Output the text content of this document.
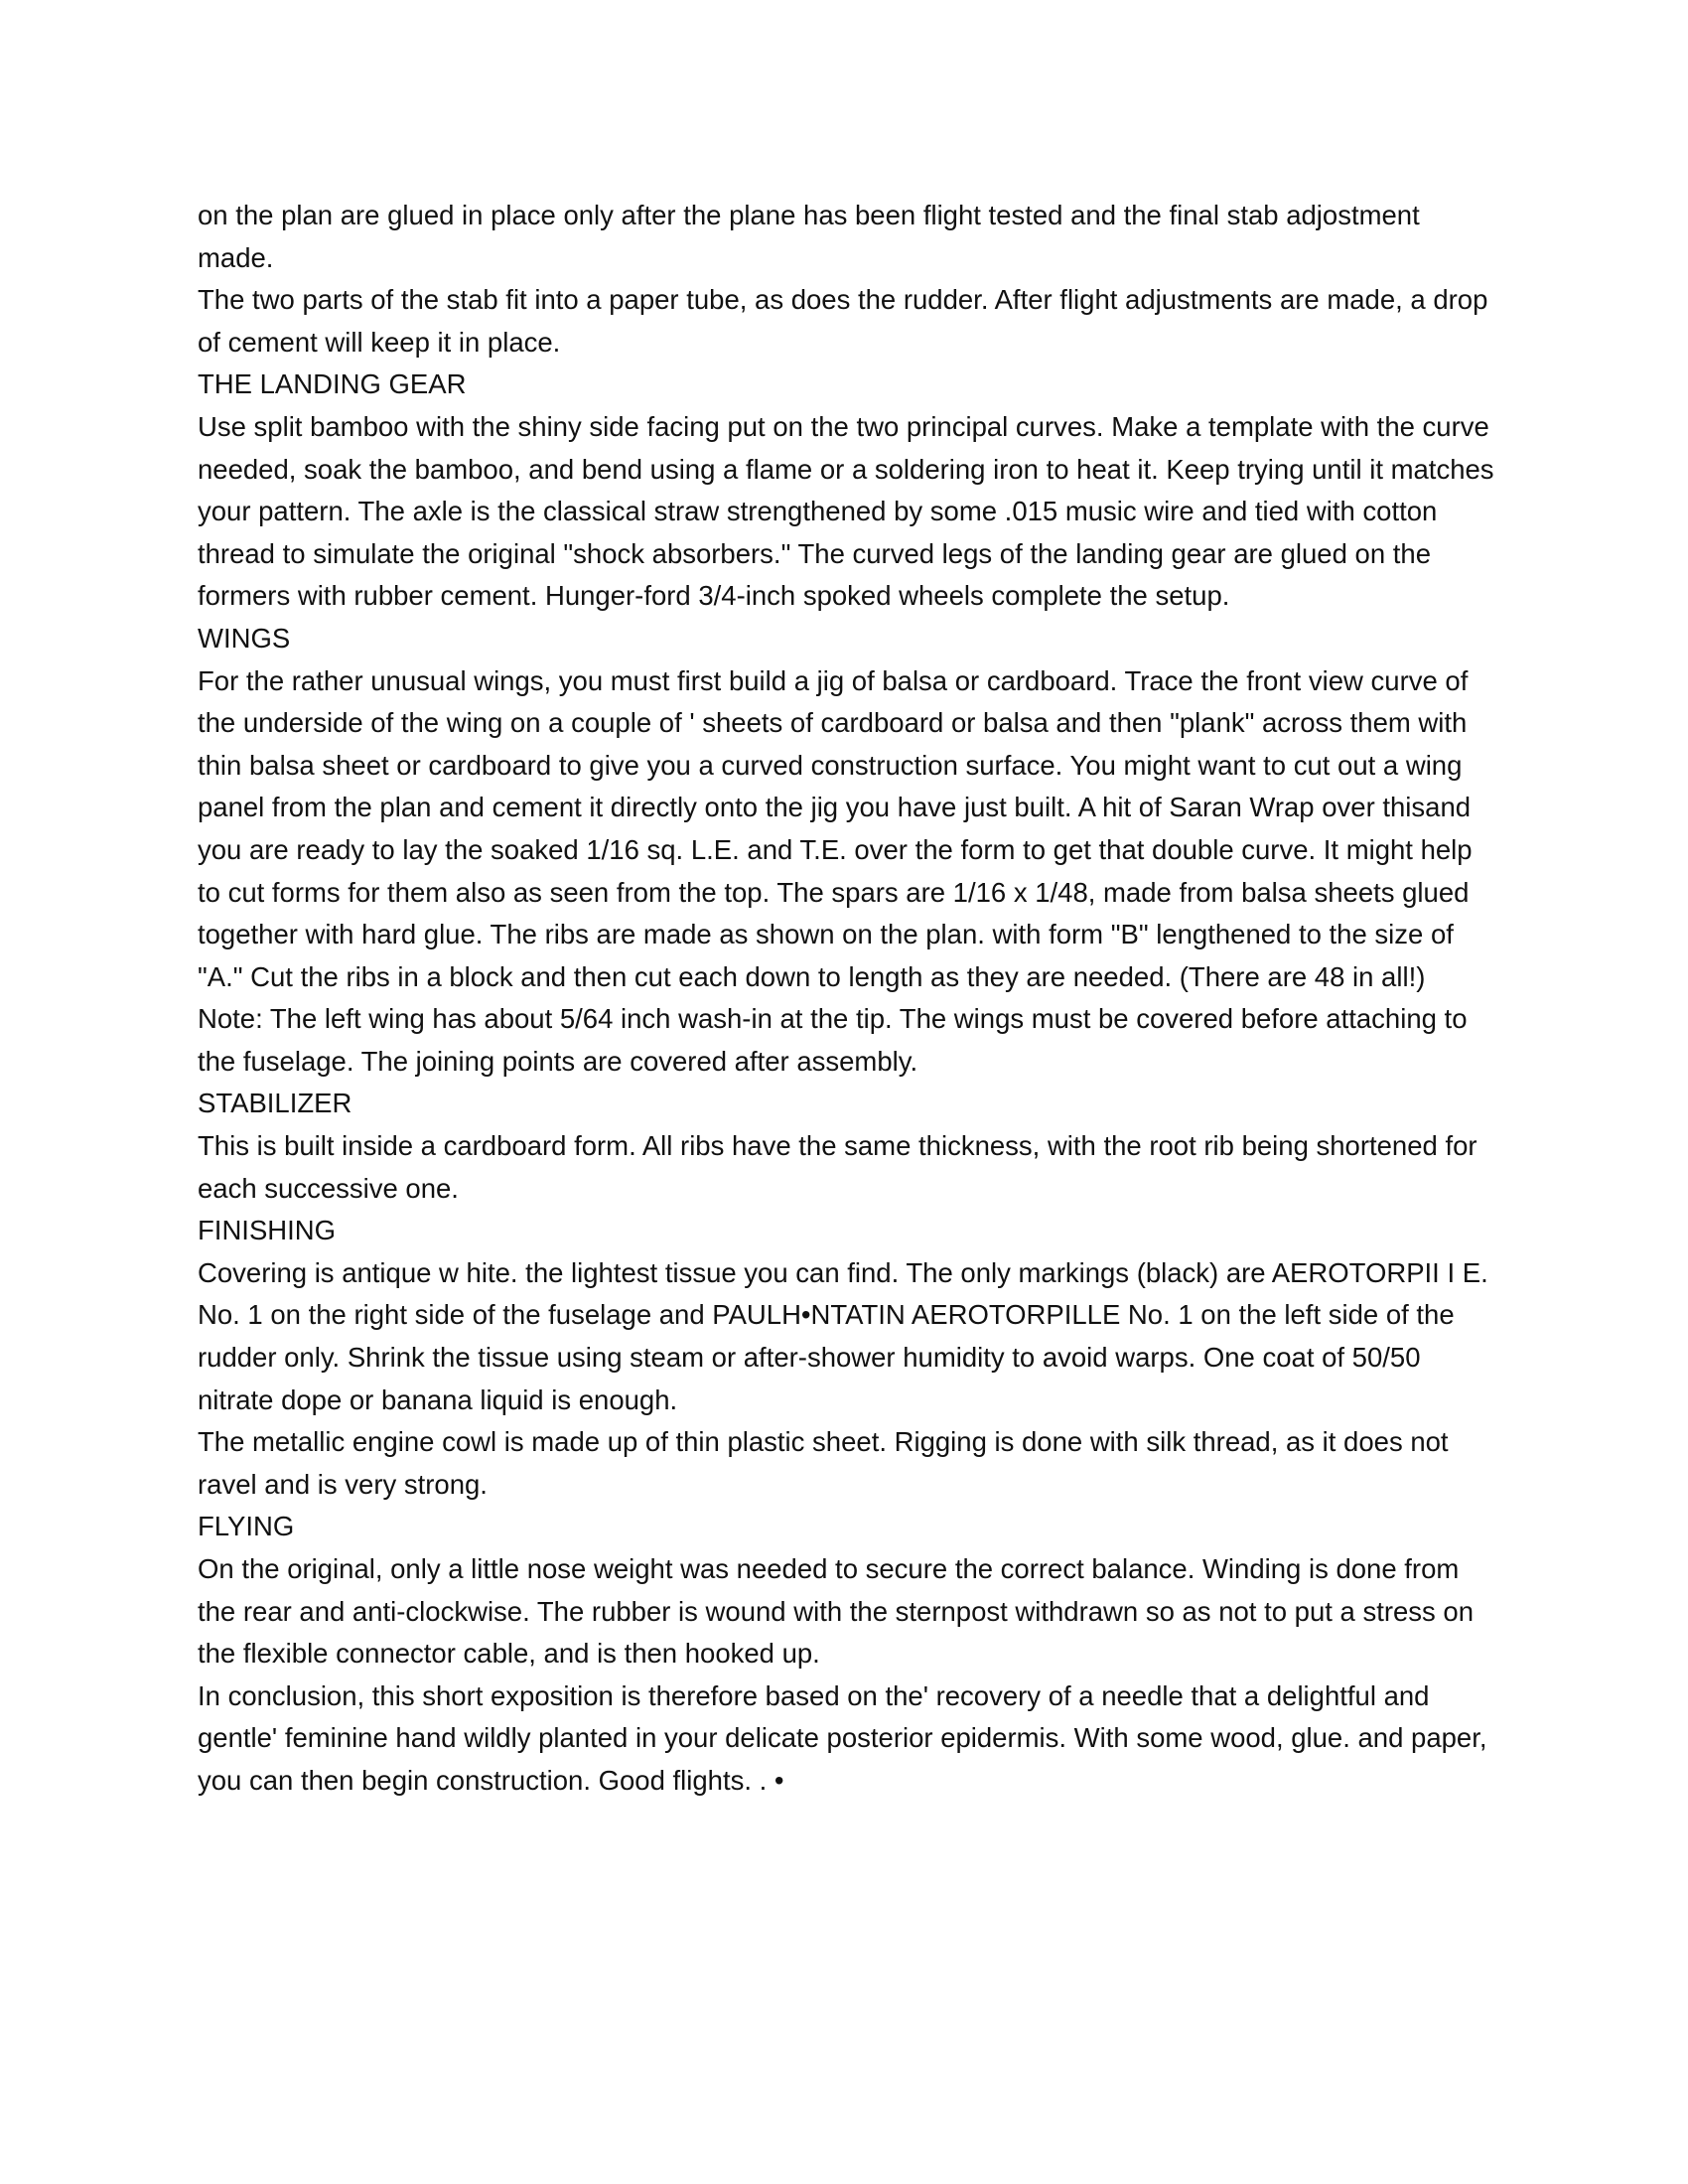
on the plan are glued in place only after the plane has been flight tested and the final stab adjostment made.

The two parts of the stab fit into a paper tube, as does the rudder. After flight adjustments are made, a drop of cement will keep it in place.

THE LANDING GEAR

Use split bamboo with the shiny side facing put on the two principal curves. Make a template with the curve needed, soak the bamboo, and bend using a flame or a soldering iron to heat it. Keep trying until it matches your pattern. The axle is the classical straw strengthened by some .015 music wire and tied with cotton thread to simulate the original "shock absorbers." The curved legs of the landing gear are glued on the formers with rubber cement. Hunger-ford 3/4-inch spoked wheels complete the setup.

WINGS

For the rather unusual wings, you must first build a jig of balsa or cardboard. Trace the front view curve of the underside of the wing on a couple of ' sheets of cardboard or balsa and then "plank" across them with thin balsa sheet or cardboard to give you a curved construction surface. You might want to cut out a wing panel from the plan and cement it directly onto the jig you have just built. A hit of Saran Wrap over thisand you are ready to lay the soaked 1/16 sq. L.E. and T.E. over the form to get that double curve. It might help to cut forms for them also as seen from the top. The spars are 1/16 x 1/48, made from balsa sheets glued together with hard glue. The ribs are made as shown on the plan. with form "B" lengthened to the size of "A." Cut the ribs in a block and then cut each down to length as they are needed. (There are 48 in all!)

Note: The left wing has about 5/64 inch wash-in at the tip. The wings must be covered before attaching to the fuselage. The joining points are covered after assembly.

STABILIZER

This is built inside a cardboard form. All ribs have the same thickness, with the root rib being shortened for each successive one.

FINISHING

Covering is antique w hite. the lightest tissue you can find. The only markings (black) are AEROTORPII I E. No. 1 on the right side of the fuselage and PAULH•NTATIN AEROTORPILLE No. 1 on the left side of the rudder only. Shrink the tissue using steam or after-shower humidity to avoid warps. One coat of 50/50 nitrate dope or banana liquid is enough.

The metallic engine cowl is made up of thin plastic sheet. Rigging is done with silk thread, as it does not ravel and is very strong.

FLYING

On the original, only a little nose weight was needed to secure the correct balance. Winding is done from the rear and anti-clockwise. The rubber is wound with the sternpost withdrawn so as not to put a stress on the flexible connector cable, and is then hooked up.

In conclusion, this short exposition is therefore based on the' recovery of a needle that a delightful and gentle' feminine hand wildly planted in your delicate posterior epidermis. With some wood, glue. and paper, you can then begin construction. Good flights. . •
